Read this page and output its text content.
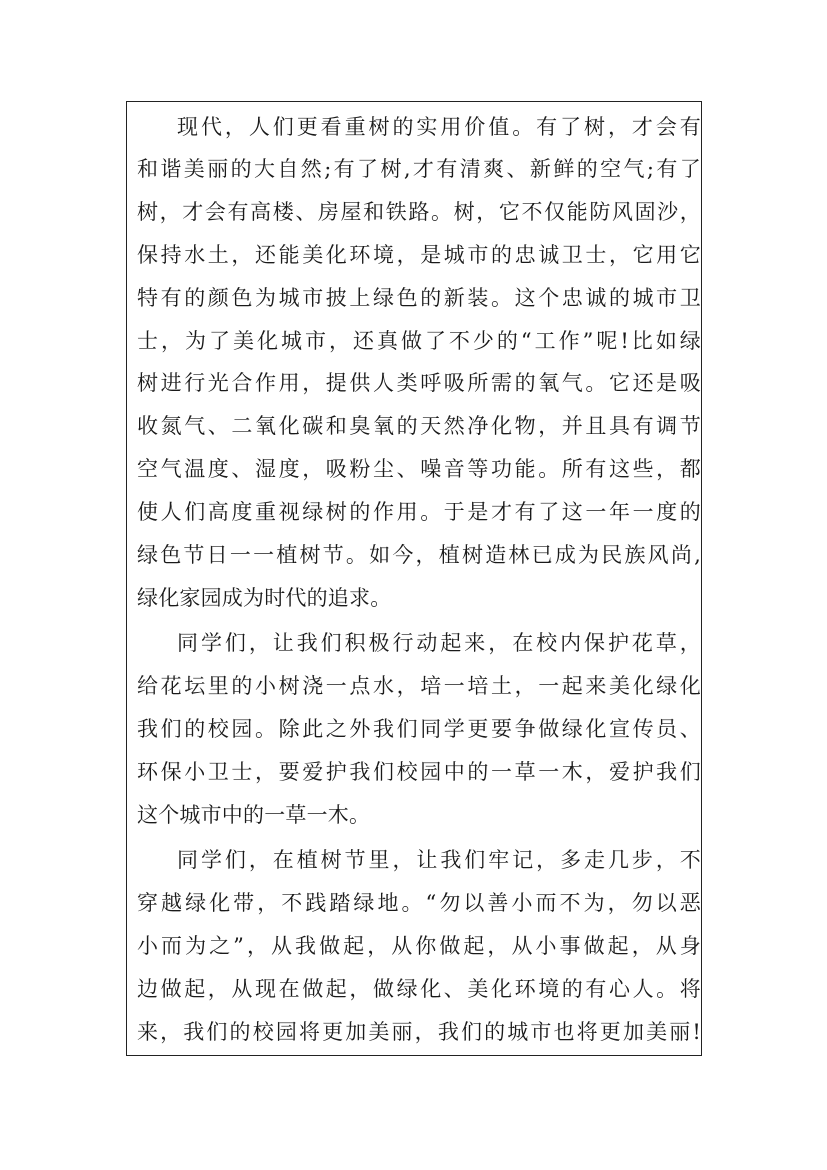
现代，人们更看重树的实用价值。有了树，才会有
和谐美丽的大自然;有了树,才有清爽、新鲜的空气;有了
树，才会有高楼、房屋和铁路。树，它不仅能防风固沙，
保持水土，还能美化环境，是城市的忠诚卫士，它用它
特有的颜色为城市披上绿色的新装。这个忠诚的城市卫
士，为了美化城市，还真做了不少的“工作”呢!比如绿
树进行光合作用，提供人类呼吸所需的氧气。它还是吸
收氮气、二氧化碳和臭氧的天然净化物，并且具有调节
空气温度、湿度，吸粉尘、噪音等功能。所有这些，都
使人们高度重视绿树的作用。于是才有了这一年一度的
绿色节日一一植树节。如今，植树造林已成为民族风尚,
绿化家园成为时代的追求。
同学们，让我们积极行动起来，在校内保护花草，
给花坛里的小树浇一点水，培一培土，一起来美化绿化
我们的校园。除此之外我们同学更要争做绿化宣传员、
环保小卫士，要爱护我们校园中的一草一木，爱护我们
这个城市中的一草一木。
同学们，在植树节里，让我们牢记，多走几步，不
穿越绿化带，不践踏绿地。“勿以善小而不为，勿以恶
小而为之”，从我做起，从你做起，从小事做起，从身
边做起，从现在做起，做绿化、美化环境的有心人。将
来，我们的校园将更加美丽，我们的城市也将更加美丽!
